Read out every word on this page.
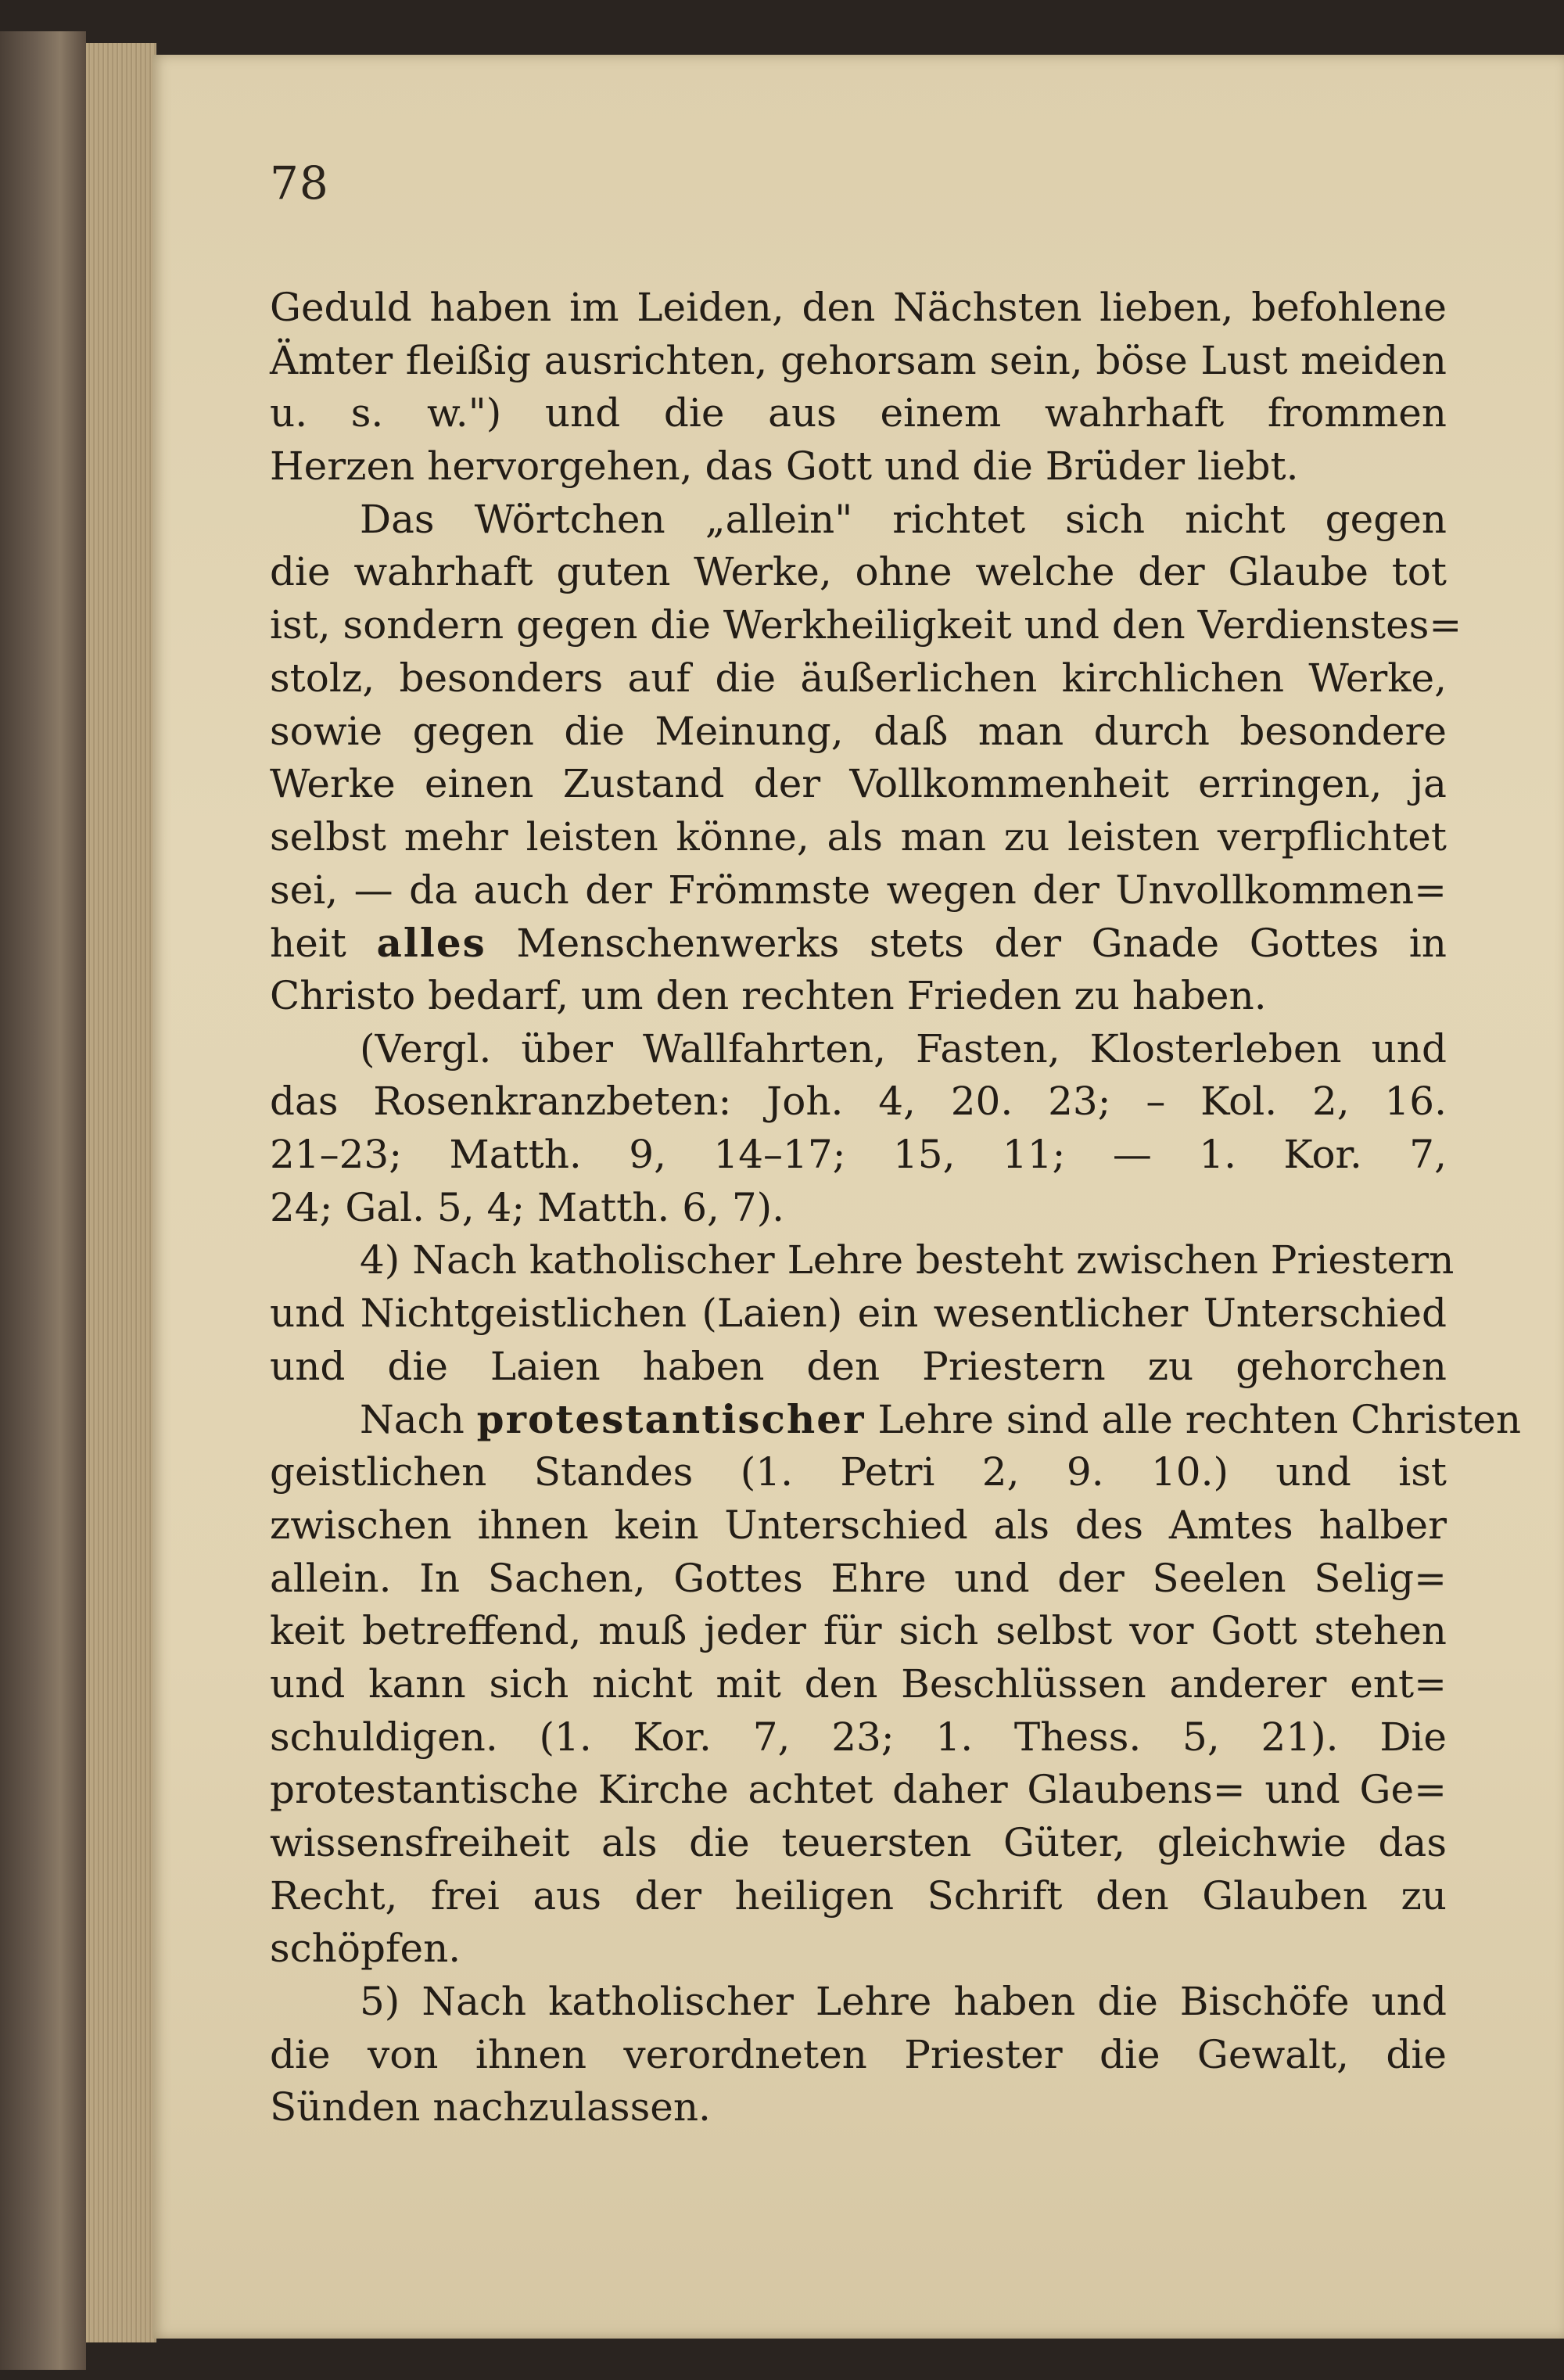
78
Geduld haben im Leiden, den Nächsten lieben, befohlene
Ämter fleißig ausrichten, gehorsam sein, böse Lust meiden
u. s. w.") und die aus einem wahrhaft frommen
Herzen hervorgehen, das Gott und die Brüder liebt.
Das Wörtchen „allein" richtet sich nicht gegen
die wahrhaft guten Werke, ohne welche der Glaube tot
ist, sondern gegen die Werkheiligkeit und den Verdienstes=
stolz, besonders auf die äußerlichen kirchlichen Werke,
sowie gegen die Meinung, daß man durch besondere
Werke einen Zustand der Vollkommenheit erringen, ja
selbst mehr leisten könne, als man zu leisten verpflichtet
sei, — da auch der Frömmste wegen der Unvollkommen=
heit alles Menschenwerks stets der Gnade Gottes in
Christo bedarf, um den rechten Frieden zu haben.
(Vergl. über Wallfahrten, Fasten, Klosterleben und
das Rosenkranzbeten: Joh. 4, 20. 23; – Kol. 2, 16.
21–23; Matth. 9, 14–17; 15, 11; — 1. Kor. 7,
24; Gal. 5, 4; Matth. 6, 7).
4) Nach katholischer Lehre besteht zwischen Priestern
und Nichtgeistlichen (Laien) ein wesentlicher Unterschied
und die Laien haben den Priestern zu gehorchen
Nach protestantischer Lehre sind alle rechten Christen
geistlichen Standes (1. Petri 2, 9. 10.) und ist
zwischen ihnen kein Unterschied als des Amtes halber
allein. In Sachen, Gottes Ehre und der Seelen Selig=
keit betreffend, muß jeder für sich selbst vor Gott stehen
und kann sich nicht mit den Beschlüssen anderer ent=
schuldigen. (1. Kor. 7, 23; 1. Thess. 5, 21). Die
protestantische Kirche achtet daher Glaubens= und Ge=
wissensfreiheit als die teuersten Güter, gleichwie das
Recht, frei aus der heiligen Schrift den Glauben zu
schöpfen.
5) Nach katholischer Lehre haben die Bischöfe und
die von ihnen verordneten Priester die Gewalt, die
Sünden nachzulassen.
